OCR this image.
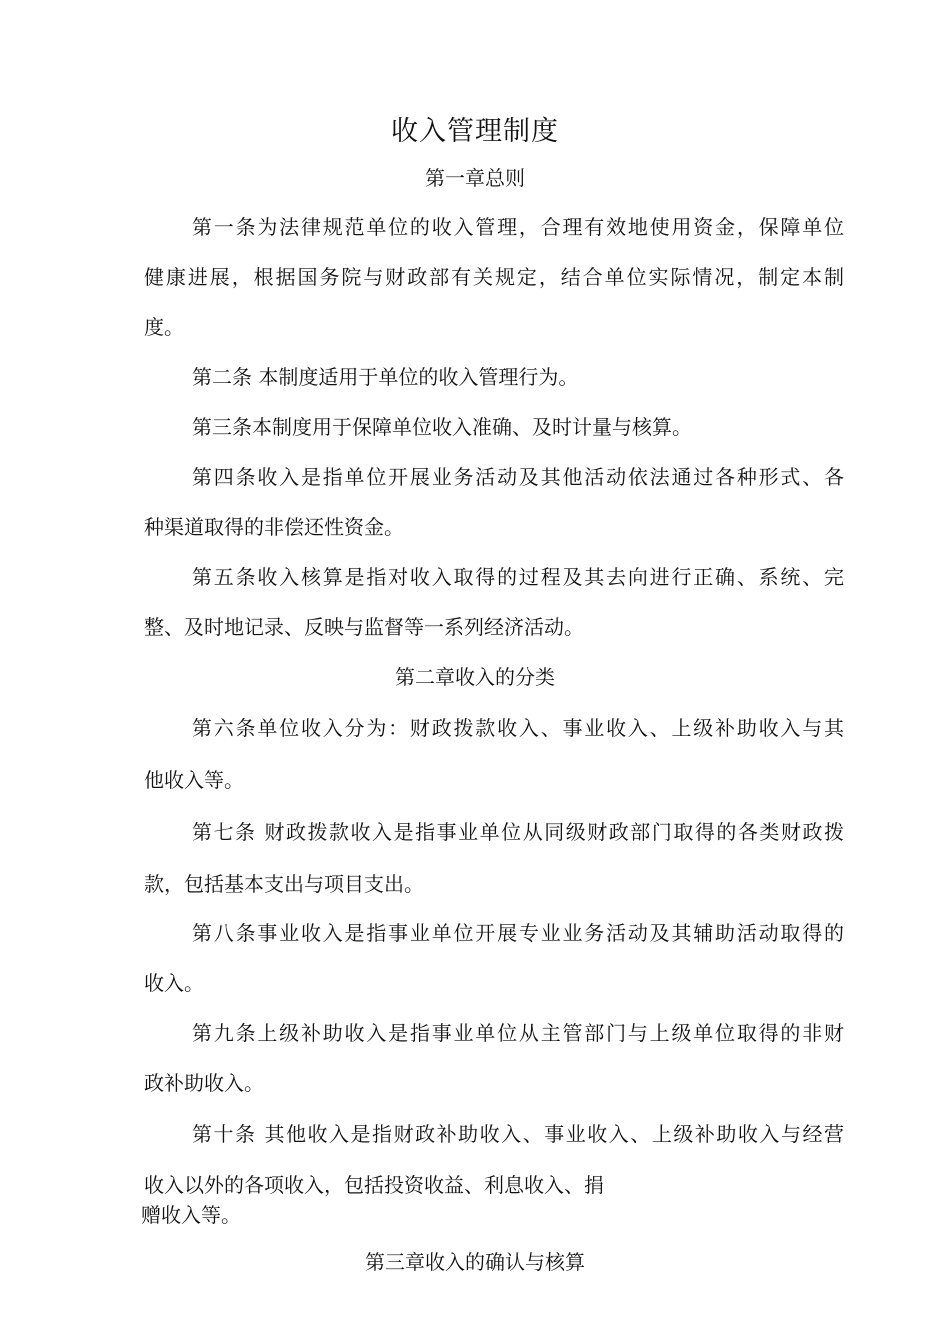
收入管理制度
第一章总则
第一条为法律规范单位的收入管理，合理有效地使用资金，保障单位
健康进展，根据国务院与财政部有关规定，结合单位实际情况，制定本制
度。
第二条 本制度适用于单位的收入管理行为。
第三条本制度用于保障单位收入准确、及时计量与核算。
第四条收入是指单位开展业务活动及其他活动依法通过各种形式、各
种渠道取得的非偿还性资金。
第五条收入核算是指对收入取得的过程及其去向进行正确、系统、完
整、及时地记录、反映与监督等一系列经济活动。
第二章收入的分类
第六条单位收入分为：财政拨款收入、事业收入、上级补助收入与其
他收入等。
第七条 财政拨款收入是指事业单位从同级财政部门取得的各类财政拨
款，包括基本支出与项目支出。
第八条事业收入是指事业单位开展专业业务活动及其辅助活动取得的
收入。
第九条上级补助收入是指事业单位从主管部门与上级单位取得的非财
政补助收入。
第十条 其他收入是指财政补助收入、事业收入、上级补助收入与经营
收入以外的各项收入，包括投资收益、利息收入、捐
赠收入等。
第三章收入的确认与核算
